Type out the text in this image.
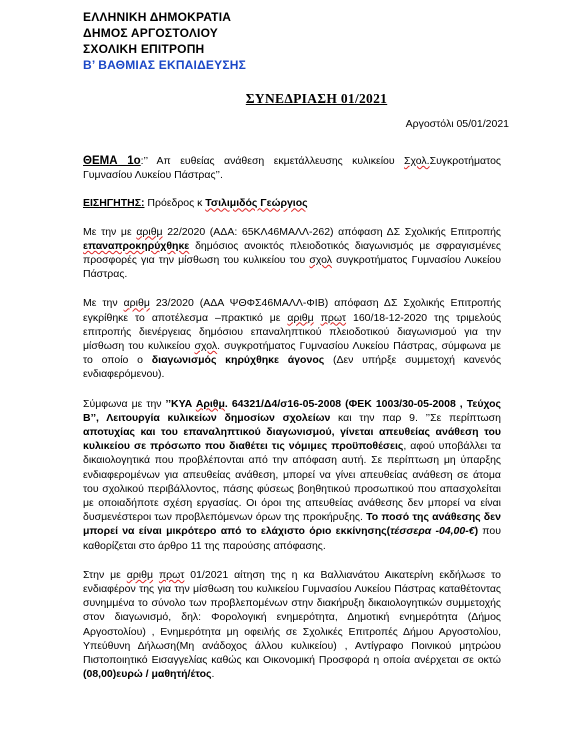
ΕΛΛΗΝΙΚΗ ΔΗΜΟΚΡΑΤΙΑ
ΔΗΜΟΣ ΑΡΓΟΣΤΟΛΙΟΥ
ΣΧΟΛΙΚΗ ΕΠΙΤΡΟΠΗ
Β’ ΒΑΘΜΙΑΣ ΕΚΠΑΙΔΕΥΣΗΣ
ΣΥΝΕΔΡΙΑΣΗ 01/2021
Αργοστόλι 05/01/2021

ΘΕΜΑ 1ο:’’ Απ ευθείας ανάθεση εκμετάλλευσης κυλικείου Σχολ.Συγκροτήματος Γυμνασίου Λυκείου Πάστρας’’.

ΕΙΣΗΓΗΤΗΣ: Πρόεδρος κ Τσιλιμιδός Γεώργιος

Με την με αριθμ 22/2020 (ΑΔΑ: 65ΚΛ46ΜΑΛΛ-262) απόφαση ΔΣ Σχολικής Επιτροπής επαναπροκηρύχθηκε δημόσιος ανοικτός πλειοδοτικός διαγωνισμός με σφραγισμένες προσφορές για την μίσθωση του κυλικείου του σχολ συγκροτήματος Γυμνασίου Λυκείου Πάστρας.

Με την αριθμ 23/2020 (ΑΔΑ ΨΘΦΣ46ΜΑΛΛ-ΦΙΒ) απόφαση ΔΣ Σχολικής Επιτροπής εγκρίθηκε το αποτέλεσμα –πρακτικό με αριθμ πρωτ 160/18-12-2020 της τριμελούς επιτροπής διενέργειας δημόσιου επαναληπτικού πλειοδοτικού διαγωνισμού για την μίσθωση του κυλικείου σχολ. συγκροτήματος Γυμνασίου Λυκείου Πάστρας, σύμφωνα με το οποίο ο διαγωνισμός κηρύχθηκε άγονος (Δεν υπήρξε συμμετοχή κανενός ενδιαφερόμενου).

Σύμφωνα με την ’’ΚΥΑ Αριθμ. 64321/Δ4/σ16-05-2008 (ΦΕΚ 1003/30-05-2008 , Τεύχος Β’’, Λειτουργία κυλικείων δημοσίων σχολείων και την παρ 9. ’’Σε περίπτωση αποτυχίας και του επαναληπτικού διαγωνισμού, γίνεται απευθείας ανάθεση του κυλικείου σε πρόσωπο που διαθέτει τις νόμιμες προϋποθέσεις, αφού υποβάλλει τα δικαιολογητικά που προβλέπονται από την απόφαση αυτή. Σε περίπτωση μη ύπαρξης ενδιαφερομένων για απευθείας ανάθεση, μπορεί να γίνει απευθείας ανάθεση σε άτομα του σχολικού περιβάλλοντος, πάσης φύσεως βοηθητικού προσωπικού που απασχολείται με οποιαδήποτε σχέση εργασίας. Οι όροι της απευθείας ανάθεσης δεν μπορεί να είναι δυσμενέστεροι των προβλεπόμενων όρων της προκήρυξης. Το ποσό της ανάθεσης δεν μπορεί να είναι μικρότερο από το ελάχιστο όριο εκκίνησης(τέσσερα -04,00-€) που καθορίζεται στο άρθρο 11 της παρούσης απόφασης.

Στην με αριθμ πρωτ 01/2021 αίτηση της η κα Βαλλιανάτου Αικατερίνη εκδήλωσε το ενδιαφέρον της για την μίσθωση του κυλικείου Γυμνασίου Λυκείου Πάστρας καταθέτοντας συνημμένα το σύνολο των προβλεπομένων στην διακήρυξη δικαιολογητικών συμμετοχής στον διαγωνισμό, δηλ: Φορολογική ενημερότητα, Δημοτική ενημερότητα (Δήμος Αργοστολίου) , Ενημερότητα μη οφειλής σε Σχολικές Επιτροπές Δήμου Αργοστολίου, Υπεύθυνη Δήλωση(Μη ανάδοχος άλλου κυλικείου) , Αντίγραφο Ποινικού μητρώου Πιστοποιητικό Εισαγγελίας καθώς και Οικονομική Προσφορά η οποία ανέρχεται σε οκτώ (08,00)ευρώ / μαθητή/έτος.
